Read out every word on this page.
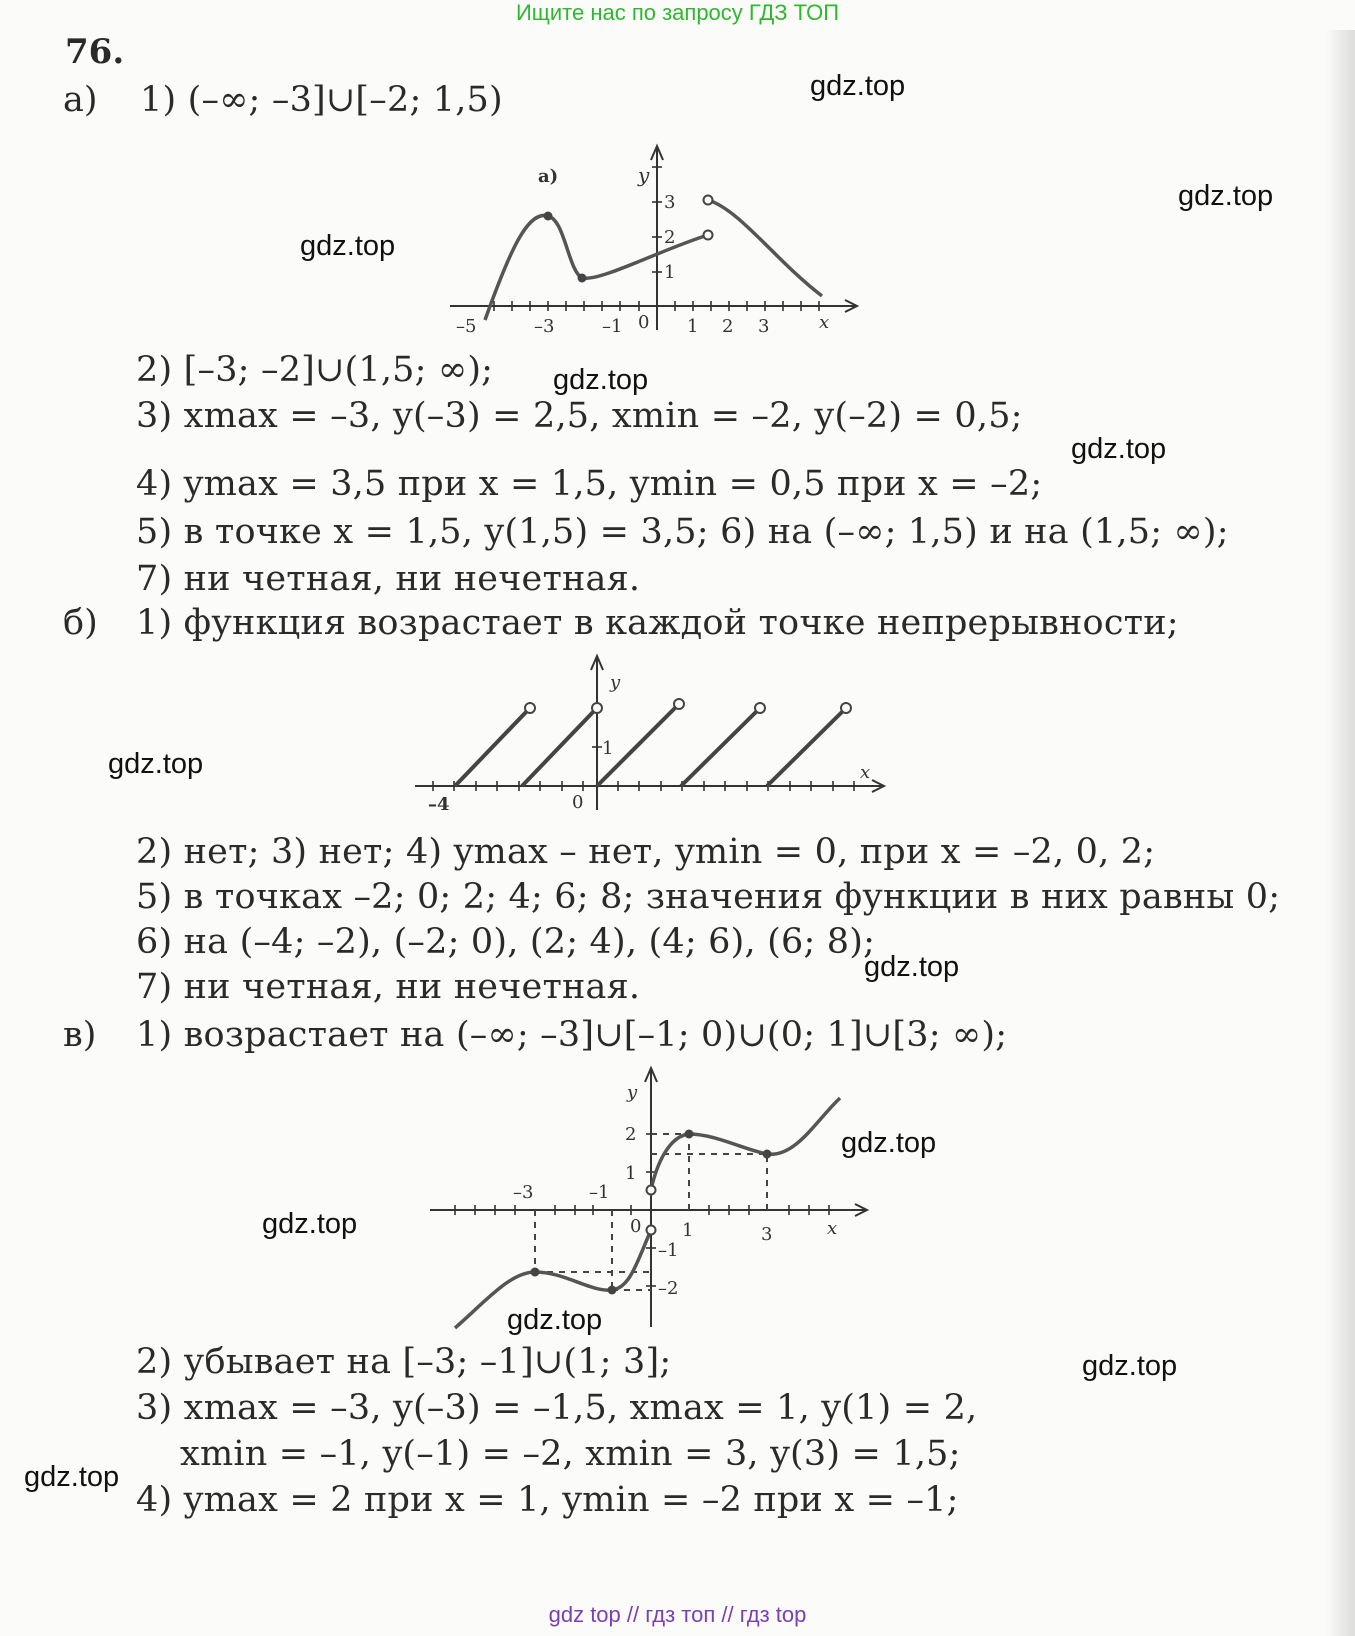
Ищите нас по запросу ГДЗ ТОП
gdz.top
gdz.top
gdz.top
gdz.top
gdz.top
gdz.top
gdz.top
gdz.top
gdz.top
gdz.top
gdz.top
gdz.top
76.
а) 1) (–∞; –3]∪[–2; 1,5)
а)	y
–5	–3	–1 0 1 2 3	x
3
2
1
2) [–3; –2]∪(1,5; ∞);
3) xmax = –3, y(–3) = 2,5, xmin = –2, y(–2) = 0,5;
4) ymax = 3,5 при x = 1,5, ymin = 0,5 при x = –2;
5) в точке x = 1,5, y(1,5) = 3,5; 6) на (–∞; 1,5) и на (1,5; ∞);
7) ни четная, ни нечетная.
б) 1) функция возрастает в каждой точке непрерывности;
–4	0
x
y
1
2) нет; 3) нет; 4) ymax – нет, ymin = 0, при x = –2, 0, 2;
5) в точках –2; 0; 2; 4; 6; 8; значения функции в них равны 0;
6) на (–4; –2), (–2; 0), (2; 4), (4; 6), (6; 8);
7) ни четная, ни нечетная.
в) 1) возрастает на (–∞; –3]∪[–1; 0)∪(0; 1]∪[3; ∞);
–3	–1
0 1	3	x
y
2
1
–1
–2
2) убывает на [–3; –1]∪(1; 3];
3) xmax = –3, y(–3) = –1,5, xmax = 1, y(1) = 2,
xmin = –1, y(–1) = –2, xmin = 3, y(3) = 1,5;
4) ymax = 2 при x = 1, ymin = –2 при x = –1;
gdz top // гдз топ // гдз top
